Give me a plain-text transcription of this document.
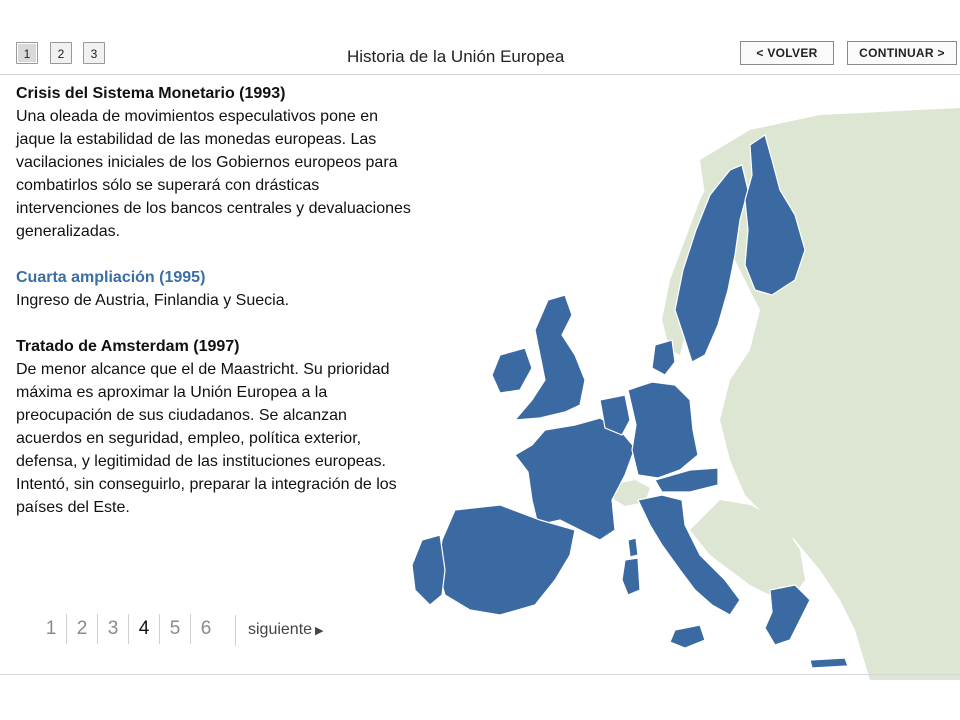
1	2	3	Historia de la Unión Europea	< VOLVER	CONTINUAR >
Crisis del Sistema Monetario (1993)

Una oleada de movimientos especulativos pone en jaque la estabilidad de las monedas europeas. Las vacilaciones iniciales de los Gobiernos europeos para combatirlos sólo se superará con drásticas intervenciones de los bancos centrales y devaluaciones generalizadas.

Cuarta ampliación (1995)

Ingreso de Austria, Finlandia y Suecia.

Tratado de Amsterdam (1997)

De menor alcance que el de Maastricht. Su prioridad máxima es aproximar la Unión Europea a la preocupación de sus ciudadanos. Se alcanzan acuerdos en seguridad, empleo, política exterior, defensa, y legitimidad de las instituciones europeas. Intentó, sin conseguirlo, preparar la integración de los países del Este.

1 2 3 4 5 6 siguiente ▶
